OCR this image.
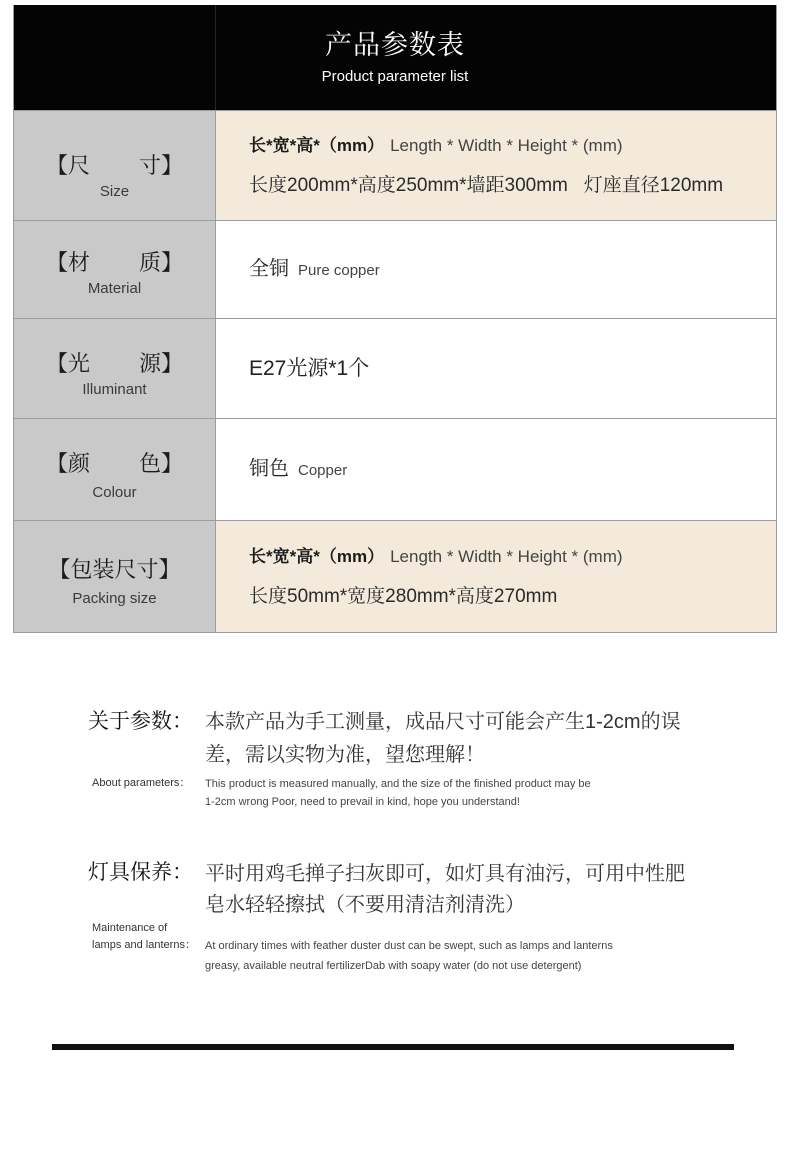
产品参数表
Product parameter list
【尺 寸】
Size
长*宽*高*（mm） Length * Width * Height * (mm)
长度200mm*高度250mm*墙距300mm   灯座直径120mm
【材 质】
Material
全铜 Pure copper
【光 源】
Illuminant
E27光源*1个
【颜 色】
Colour
铜色 Copper
【包装尺寸】
Packing size
长*宽*高*（mm） Length * Width * Height * (mm)
长度50mm*宽度280mm*高度270mm
关于参数： 本款产品为手工测量，成品尺寸可能会产生1-2cm的误
差，需以实物为准，望您理解！
About parameters： This product is measured manually, and the size of the finished product may be
1-2cm wrong Poor, need to prevail in kind, hope you understand!
灯具保养： 平时用鸡毛掸子扫灰即可，如灯具有油污，可用中性肥
皂水轻轻擦拭（不要用清洁剂清洗）
Maintenance of
lamps and lanterns： At ordinary times with feather duster dust can be swept, such as lamps and lanterns
greasy, available neutral fertilizerDab with soapy water (do not use detergent)
